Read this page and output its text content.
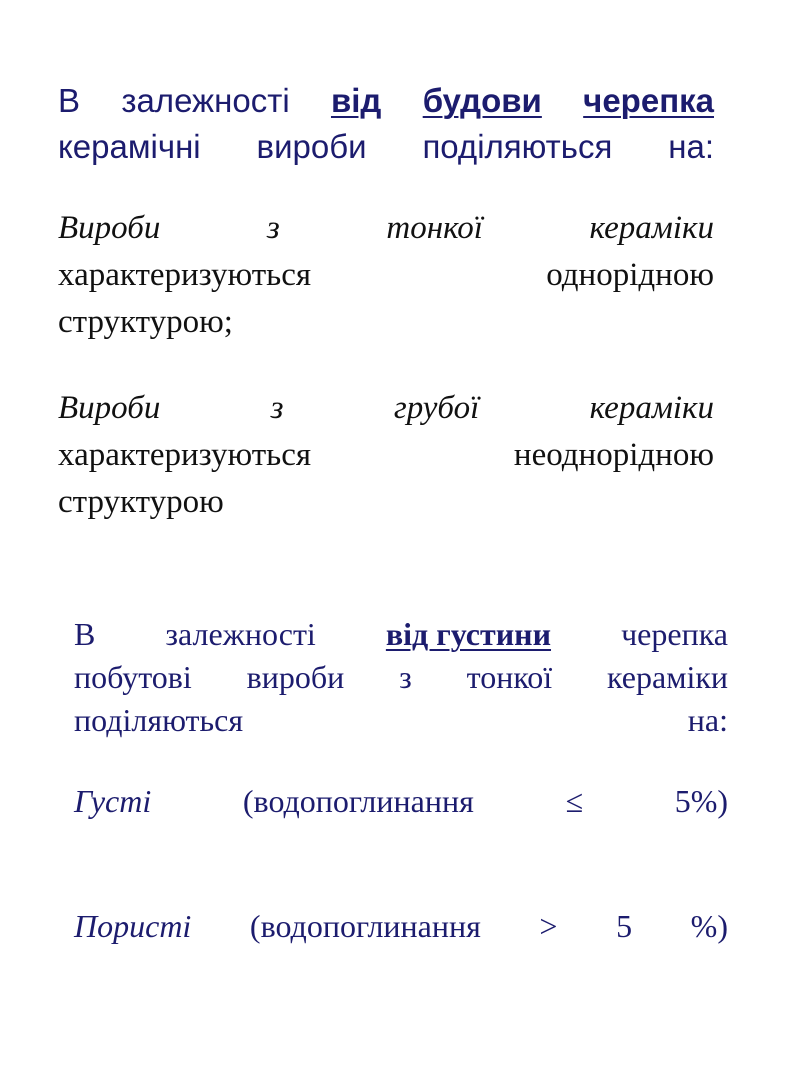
В залежності від будови черепка
керамічні вироби поділяються на:
Вироби	з	тонкої	кераміки
характеризуються	однорідною
структурою;
Вироби	з	грубої	кераміки
характеризуються	неоднорідною
структурою
В залежності від густини черепка
побутові вироби з тонкої кераміки
поділяються	на:
Густі	(водопоглинання	≤	5%)
Пористі (водопоглинання > 5 %)
